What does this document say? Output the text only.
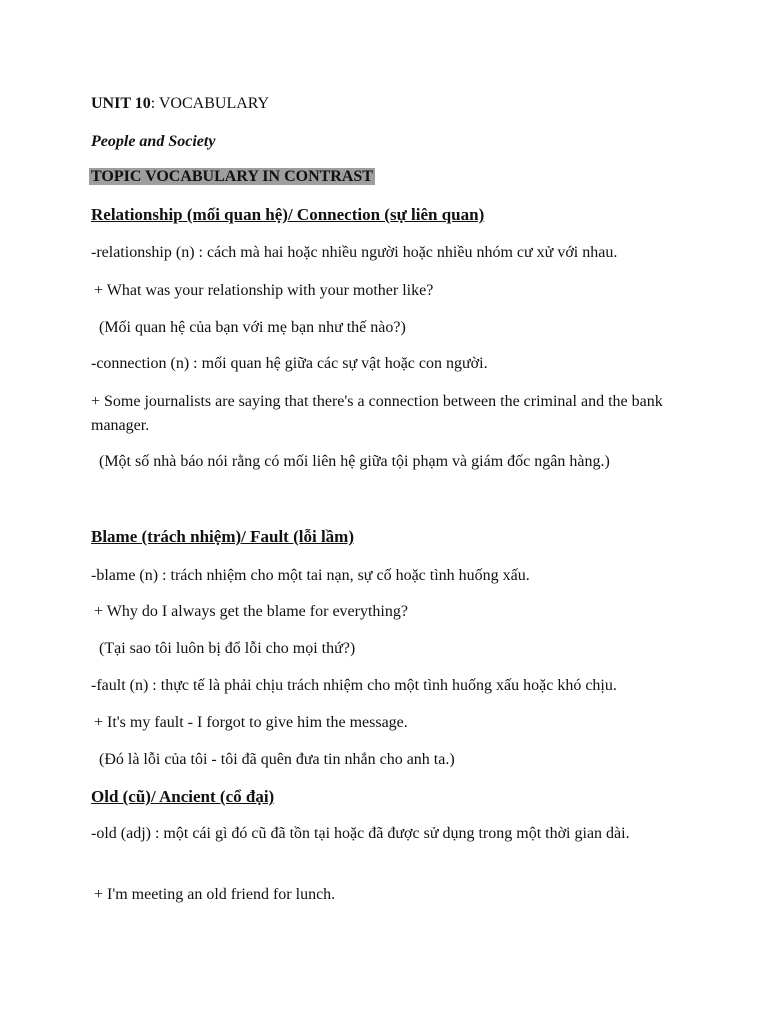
UNIT 10: VOCABULARY
People and Society
TOPIC VOCABULARY IN CONTRAST
Relationship (mối quan hệ)/ Connection (sự liên quan)
-relationship (n) : cách mà hai hoặc nhiều người hoặc nhiều nhóm cư xử với nhau.
+ What was your relationship with your mother like?
(Mối quan hệ của bạn với mẹ bạn như thế nào?)
-connection (n) : mối quan hệ giữa các sự vật hoặc con người.
+ Some journalists are saying that there's a connection between the criminal and the bank manager.
(Một số nhà báo nói rằng có mối liên hệ giữa tội phạm và giám đốc ngân hàng.)
Blame (trách nhiệm)/ Fault (lỗi lầm)
-blame (n) : trách nhiệm cho một tai nạn, sự cố hoặc tình huống xấu.
+ Why do I always get the blame for everything?
(Tại sao tôi luôn bị đổ lỗi cho mọi thứ?)
-fault (n) : thực tế là phải chịu trách nhiệm cho một tình huống xấu hoặc khó chịu.
+ It's my fault - I forgot to give him the message.
(Đó là lỗi của tôi - tôi đã quên đưa tin nhắn cho anh ta.)
Old (cũ)/ Ancient (cổ đại)
-old (adj) : một cái gì đó cũ đã tồn tại hoặc đã được sử dụng trong một thời gian dài.
+ I'm meeting an old friend for lunch.
